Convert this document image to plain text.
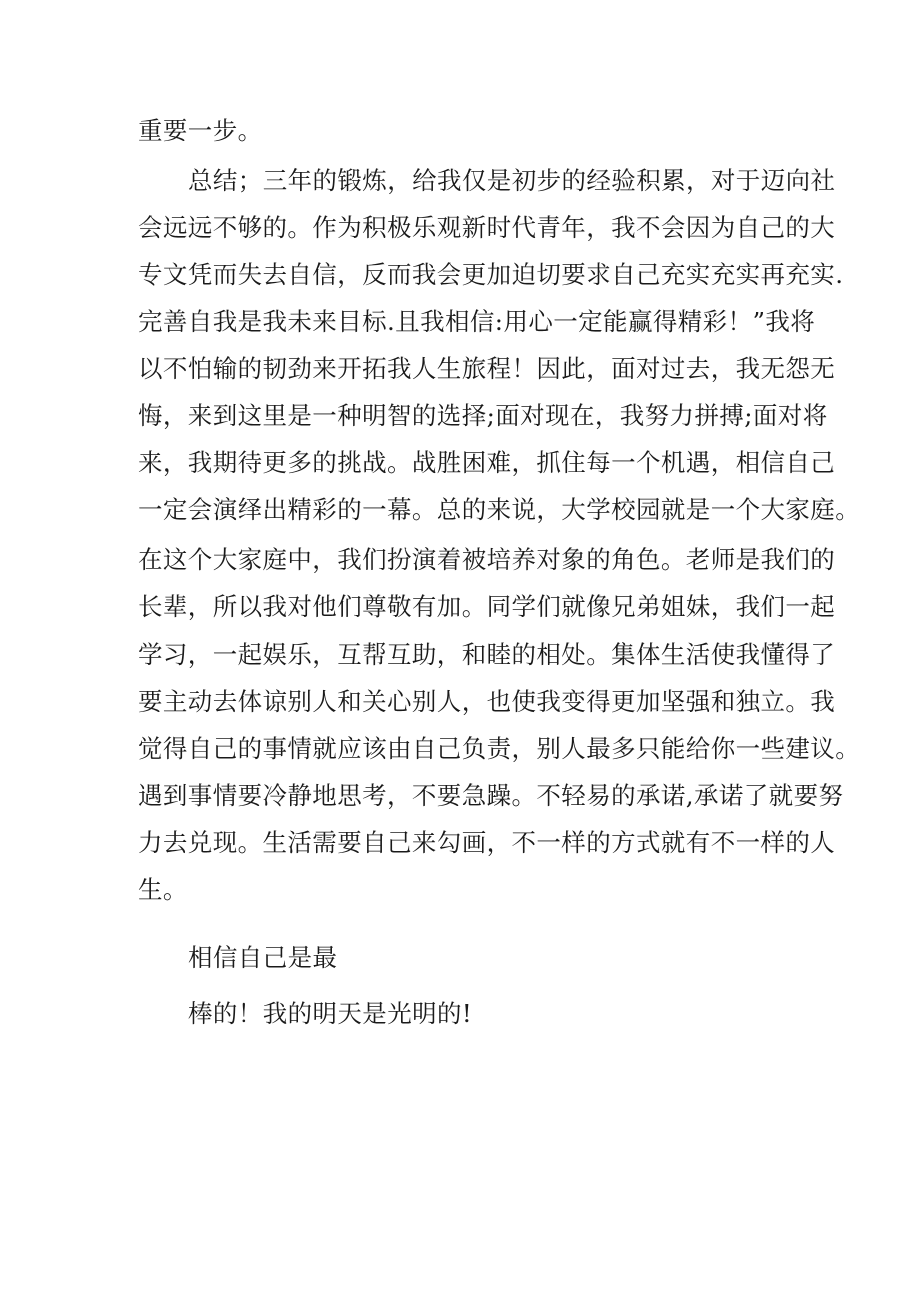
重要一步。
总结；三年的锻炼，给我仅是初步的经验积累，对于迈向社
会远远不够的。作为积极乐观新时代青年，我不会因为自己的大
专文凭而失去自信，反而我会更加迫切要求自己充实充实再充实.
完善自我是我未来目标.且我相信:用心一定能赢得精彩！”我将
以不怕输的韧劲来开拓我人生旅程！因此，面对过去，我无怨无
悔，来到这里是一种明智的选择;面对现在，我努力拼搏;面对将
来，我期待更多的挑战。战胜困难，抓住每一个机遇，相信自己
一定会演绎出精彩的一幕。总的来说，大学校园就是一个大家庭。
在这个大家庭中，我们扮演着被培养对象的角色。老师是我们的
长辈，所以我对他们尊敬有加。同学们就像兄弟姐妹，我们一起
学习，一起娱乐，互帮互助，和睦的相处。集体生活使我懂得了
要主动去体谅别人和关心别人，也使我变得更加坚强和独立。我
觉得自己的事情就应该由自己负责，别人最多只能给你一些建议。
遇到事情要冷静地思考，不要急躁。不轻易的承诺,承诺了就要努
力去兑现。生活需要自己来勾画，不一样的方式就有不一样的人
生。
相信自己是最
棒的！我的明天是光明的!
